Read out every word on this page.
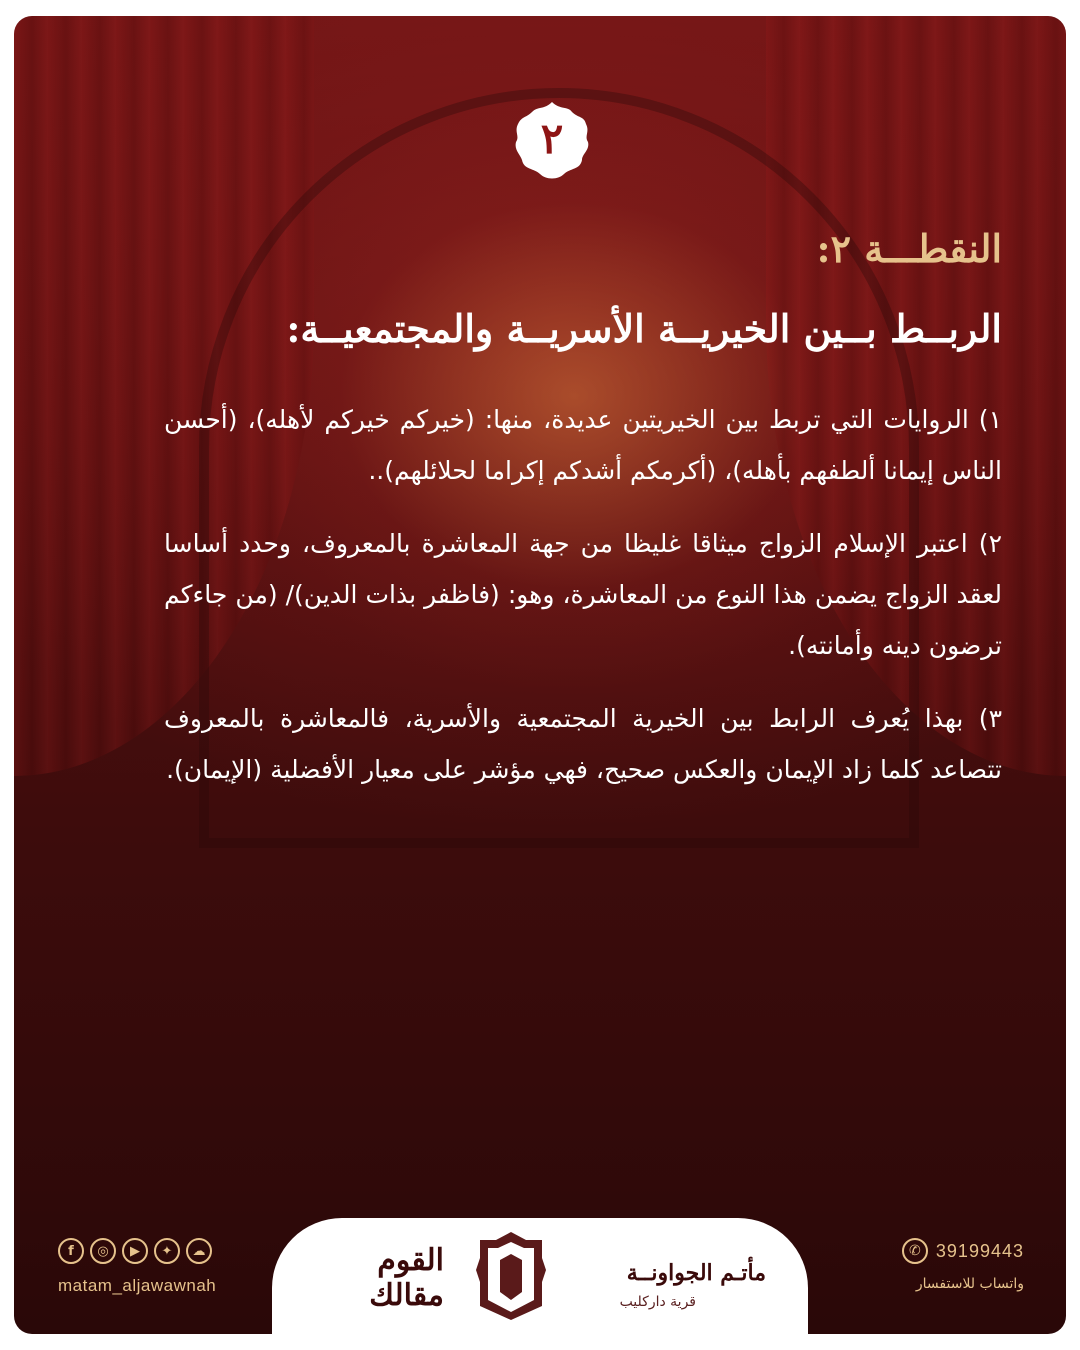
٢
النقطـــة ٢:
الربــط بــين الخيريــة الأسريــة والمجتمعيــة:

١) الروايات التي تربط بين الخيريتين عديدة، منها: (خيركم خيركم لأهله)، (أحسن الناس إيمانا ألطفهم بأهله)، (أكرمكم أشدكم إكراما لحلائلهم)..

٢) اعتبر الإسلام الزواج ميثاقا غليظا من جهة المعاشرة بالمعروف، وحدد أساسا لعقد الزواج يضمن هذا النوع من المعاشرة، وهو: (فاظفر بذات الدين)/ (من جاءكم ترضون دينه وأمانته).

٣) بهذا يُعرف الرابط بين الخيرية المجتمعية والأسرية، فالمعاشرة بالمعروف تتصاعد كلما زاد الإيمان والعكس صحيح، فهي مؤشر على معيار الأفضلية (الإيمان).

f	◎	▶	✦	☁
matam_aljawawnah
القوم مقالك
مأتـم الجواونــة
قرية داركليب
✆ 39199443
واتساب للاستفسار
